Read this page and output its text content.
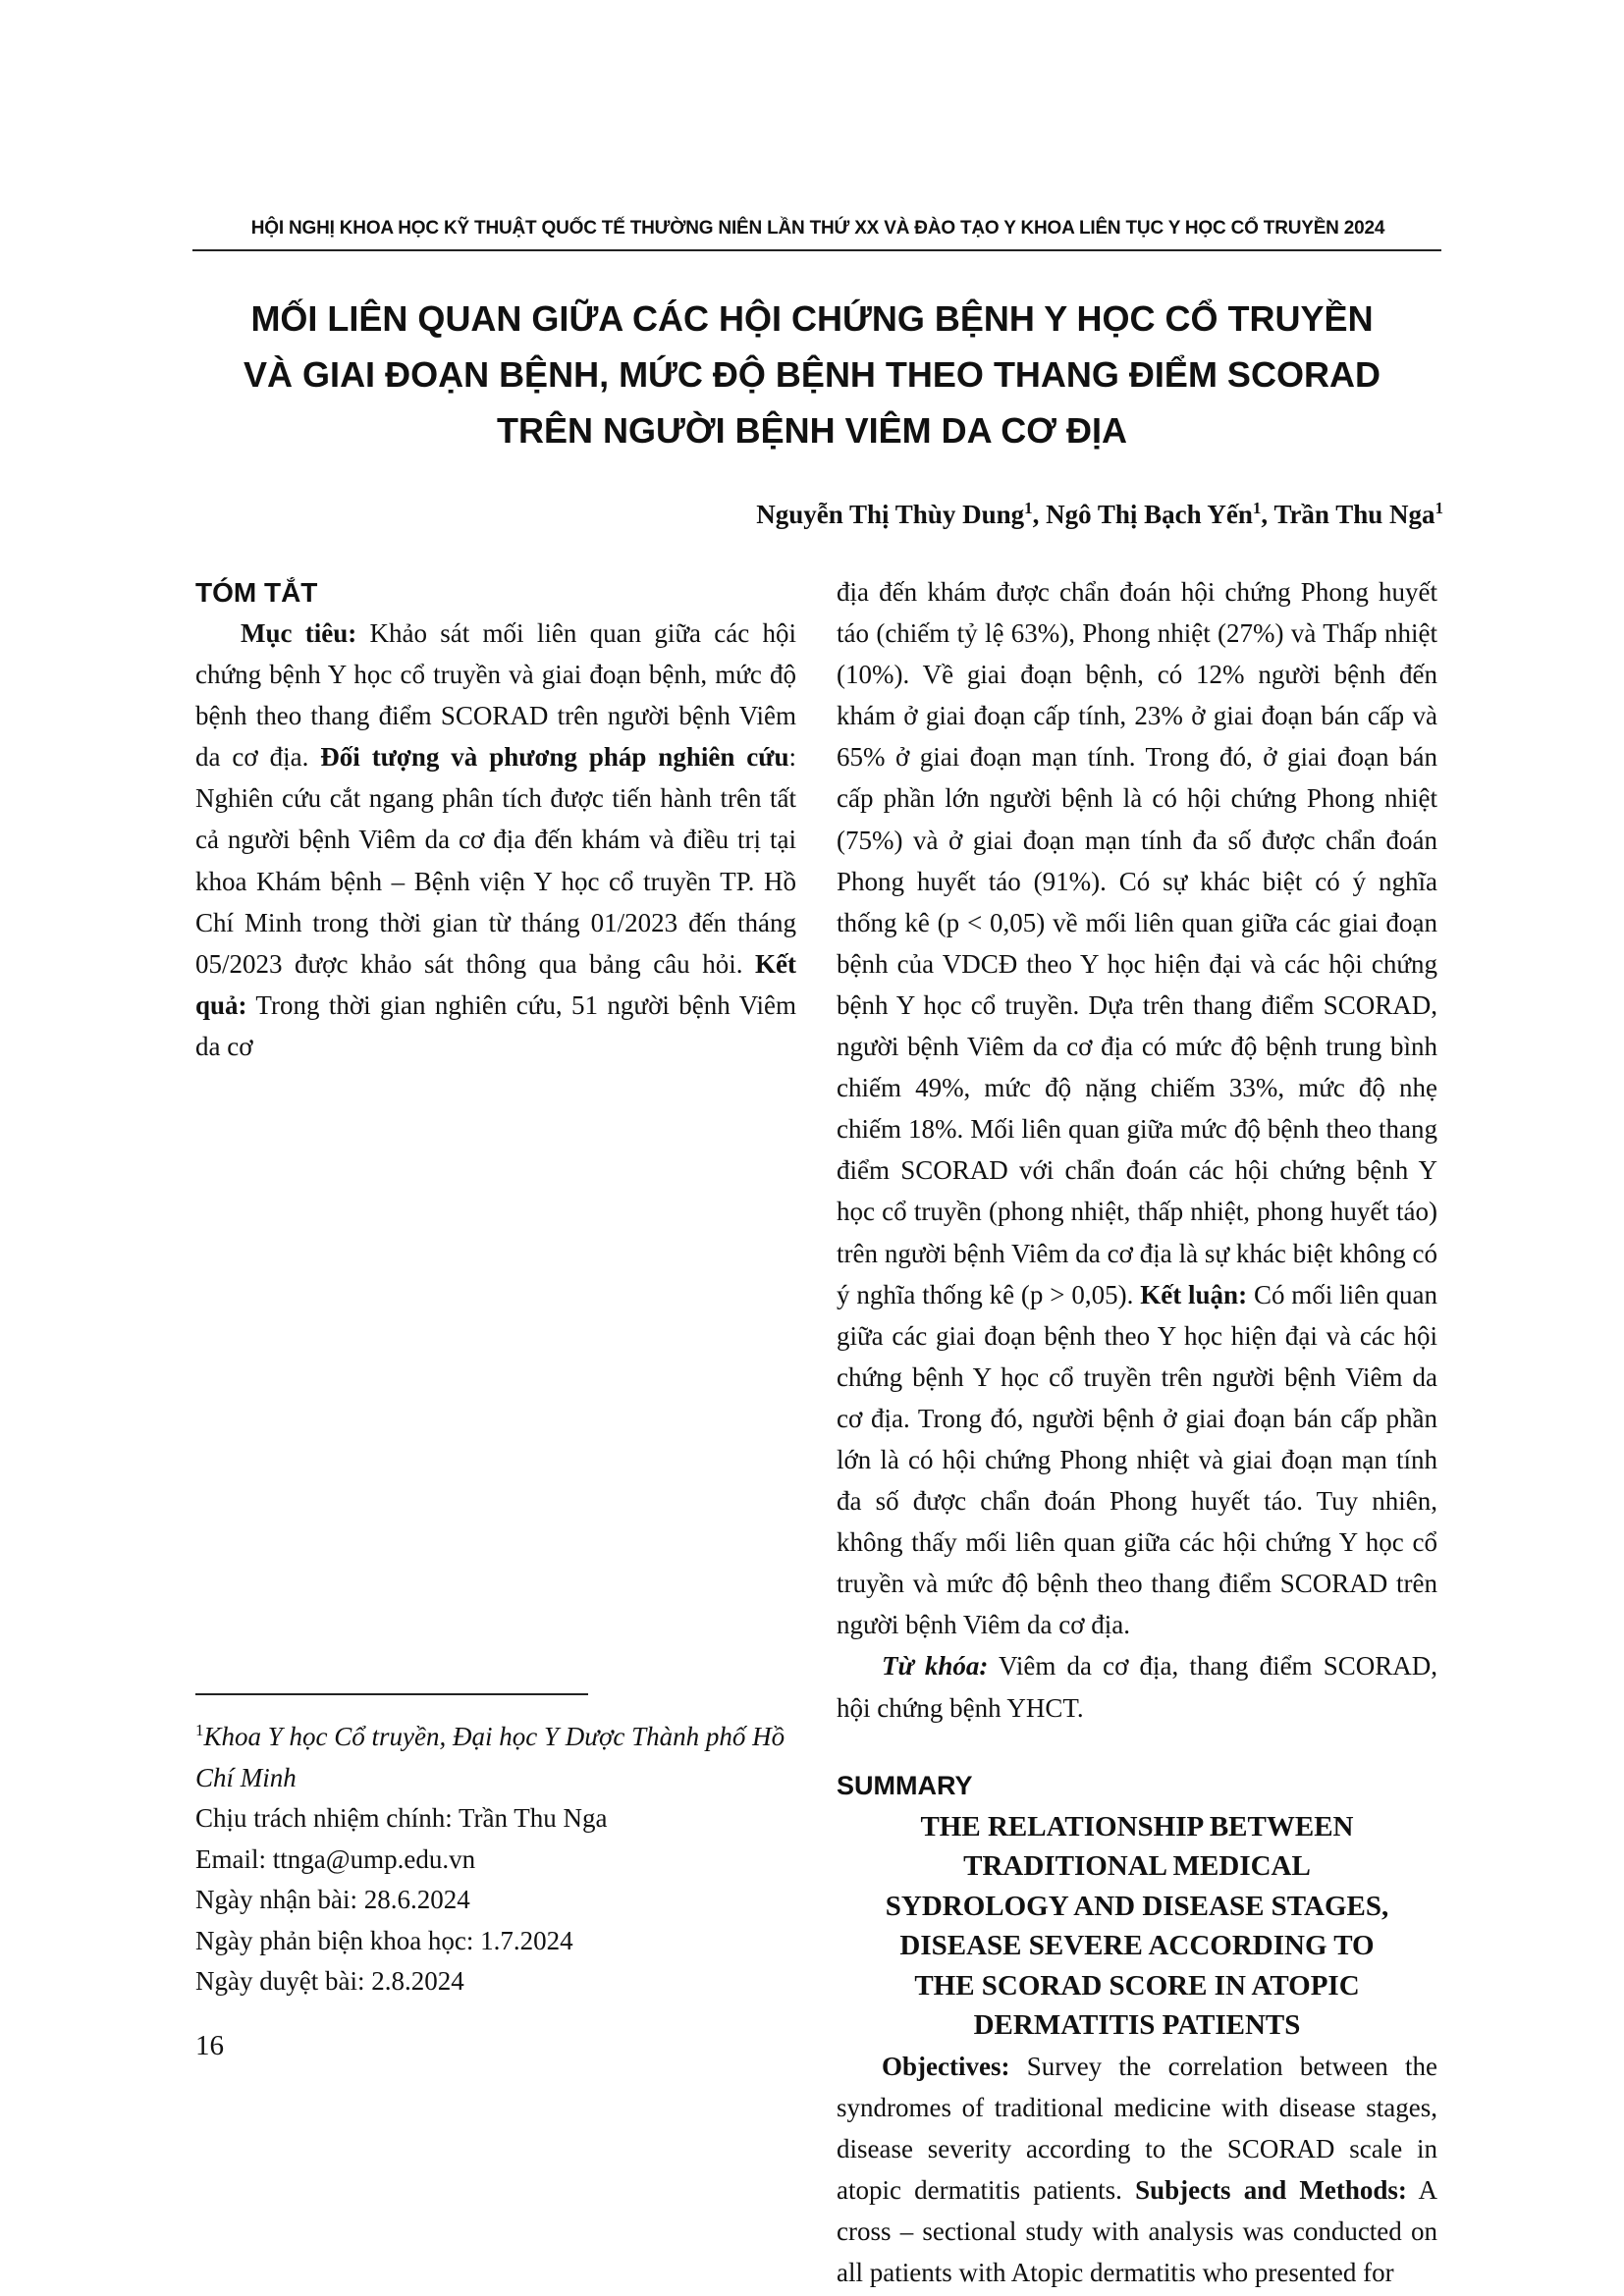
HỘI NGHỊ KHOA HỌC KỸ THUẬT QUỐC TẾ THƯỜNG NIÊN LẦN THỨ XX VÀ ĐÀO TẠO Y KHOA LIÊN TỤC Y HỌC CỔ TRUYỀN 2024
MỐI LIÊN QUAN GIỮA CÁC HỘI CHỨNG BỆNH Y HỌC CỔ TRUYỀN
VÀ GIAI ĐOẠN BỆNH, MỨC ĐỘ BỆNH THEO THANG ĐIỂM SCORAD
TRÊN NGƯỜI BỆNH VIÊM DA CƠ ĐỊA
Nguyễn Thị Thùy Dung$^1$, Ngô Thị Bạch Yến$^1$, Trần Thu Nga$^1$
TÓM TẮT

Mục tiêu: Khảo sát mối liên quan giữa các hội chứng bệnh Y học cổ truyền và giai đoạn bệnh, mức độ bệnh theo thang điểm SCORAD trên người bệnh Viêm da cơ địa. Đối tượng và phương pháp nghiên cứu: Nghiên cứu cắt ngang phân tích được tiến hành trên tất cả người bệnh Viêm da cơ địa đến khám và điều trị tại khoa Khám bệnh – Bệnh viện Y học cổ truyền TP. Hồ Chí Minh trong thời gian từ tháng 01/2023 đến tháng 05/2023 được khảo sát thông qua bảng câu hỏi. Kết quả: Trong thời gian nghiên cứu, 51 người bệnh Viêm da cơ

địa đến khám được chẩn đoán hội chứng Phong huyết táo (chiếm tỷ lệ 63%), Phong nhiệt (27%) và Thấp nhiệt (10%). Về giai đoạn bệnh, có 12% người bệnh đến khám ở giai đoạn cấp tính, 23% ở giai đoạn bán cấp và 65% ở giai đoạn mạn tính. Trong đó, ở giai đoạn bán cấp phần lớn người bệnh là có hội chứng Phong nhiệt (75%) và ở giai đoạn mạn tính đa số được chẩn đoán Phong huyết táo (91%). Có sự khác biệt có ý nghĩa thống kê (p < 0,05) về mối liên quan giữa các giai đoạn bệnh của VDCĐ theo Y học hiện đại và các hội chứng bệnh Y học cổ truyền. Dựa trên thang điểm SCORAD, người bệnh Viêm da cơ địa có mức độ bệnh trung bình chiếm 49%, mức độ nặng chiếm 33%, mức độ nhẹ chiếm 18%. Mối liên quan giữa mức độ bệnh theo thang điểm SCORAD với chẩn đoán các hội chứng bệnh Y học cổ truyền (phong nhiệt, thấp nhiệt, phong huyết táo) trên người bệnh Viêm da cơ địa là sự khác biệt không có ý nghĩa thống kê (p > 0,05). Kết luận: Có mối liên quan giữa các giai đoạn bệnh theo Y học hiện đại và các hội chứng bệnh Y học cổ truyền trên người bệnh Viêm da cơ địa. Trong đó, người bệnh ở giai đoạn bán cấp phần lớn là có hội chứng Phong nhiệt và giai đoạn mạn tính đa số được chẩn đoán Phong huyết táo. Tuy nhiên, không thấy mối liên quan giữa các hội chứng Y học cổ truyền và mức độ bệnh theo thang điểm SCORAD trên người bệnh Viêm da cơ địa.

Từ khóa: Viêm da cơ địa, thang điểm SCORAD, hội chứng bệnh YHCT.

SUMMARY
THE RELATIONSHIP BETWEEN
TRADITIONAL MEDICAL
SYDROLOGY AND DISEASE STAGES,
DISEASE SEVERE ACCORDING TO
THE SCORAD SCORE IN ATOPIC
DERMATITIS PATIENTS

Objectives: Survey the correlation between the syndromes of traditional medicine with disease stages, disease severity according to the SCORAD scale in atopic dermatitis patients. Subjects and Methods: A cross – sectional study with analysis was conducted on all patients with Atopic dermatitis who presented for

$^1$Khoa Y học Cổ truyền, Đại học Y Dược Thành phố Hồ Chí Minh

Chịu trách nhiệm chính: Trần Thu Nga

Email: ttnga@ump.edu.vn

Ngày nhận bài: 28.6.2024

Ngày phản biện khoa học: 1.7.2024

Ngày duyệt bài: 2.8.2024

16
